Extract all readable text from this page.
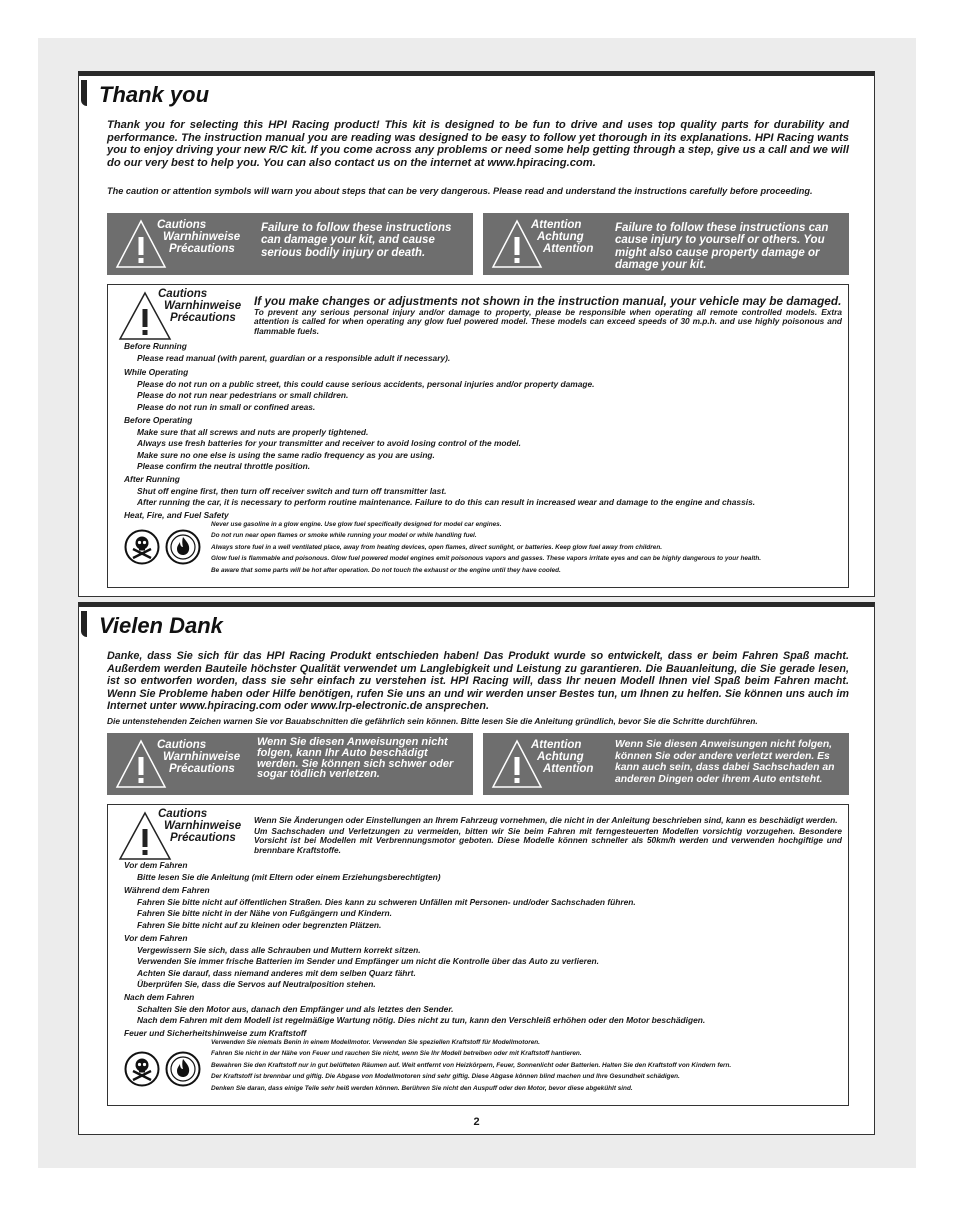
Thank you

Thank you for selecting this HPI Racing product! This kit is designed to be fun to drive and uses top quality parts for durability and performance. The instruction manual you are reading was designed to be easy to follow yet thorough in its explanations. HPI Racing wants you to enjoy driving your new R/C kit. If you come across any problems or need some help getting through a step, give us a call and we will do our very best to help you. You can also contact us on the internet at www.hpiracing.com.

The caution or attention symbols will warn you about steps that can be very dangerous. Please read and understand the instructions carefully before proceeding.

Cautions
Warnhinweise
Précautions
Failure to follow these instructions can damage your kit, and cause serious bodily injury or death.
Attention
Achtung
Attention
Failure to follow these instructions can cause injury to yourself or others. You might also cause property damage or damage your kit.
Cautions
Warnhinweise
Précautions

If you make changes or adjustments not shown in the instruction manual, your vehicle may be damaged.

To prevent any serious personal injury and/or damage to property, please be responsible when operating all remote controlled models. Extra attention is called for when operating any glow fuel powered model. These models can exceed speeds of 30 m.p.h. and use highly poisonous and flammable fuels.

Before Running
Please read manual (with parent, guardian or a responsible adult if necessary).
While Operating
Please do not run on a public street, this could cause serious accidents, personal injuries and/or property damage.
Please do not run near pedestrians or small children.
Please do not run in small or confined areas.
Before Operating
Make sure that all screws and nuts are properly tightened.
Always use fresh batteries for your transmitter and receiver to avoid losing control of the model.
Make sure no one else is using the same radio frequency as you are using.
Please confirm the neutral throttle position.
After Running
Shut off engine first, then turn off receiver switch and turn off transmitter last.
After running the car, it is necessary to perform routine maintenance. Failure to do this can result in increased wear and damage to the engine and chassis.
Heat, Fire, and Fuel Safety
Never use gasoline in a glow engine. Use glow fuel specifically designed for model car engines.
Do not run near open flames or smoke while running your model or while handling fuel.
Always store fuel in a well ventilated place, away from heating devices, open flames, direct sunlight, or batteries. Keep glow fuel away from children.
Glow fuel is flammable and poisonous. Glow fuel powered model engines emit poisonous vapors and gasses. These vapors irritate eyes and can be highly dangerous to your health.
Be aware that some parts will be hot after operation. Do not touch the exhaust or the engine until they have cooled.
Vielen Dank

Danke, dass Sie sich für das HPI Racing Produkt entschieden haben! Das Produkt wurde so entwickelt, dass er beim Fahren Spaß macht. Außerdem werden Bauteile höchster Qualität verwendet um Langlebigkeit und Leistung zu garantieren. Die Bauanleitung, die Sie gerade lesen, ist so entworfen worden, dass sie sehr einfach zu verstehen ist. HPI Racing will, dass Ihr neuen Modell Ihnen viel Spaß beim Fahren macht. Wenn Sie Probleme haben oder Hilfe benötigen, rufen Sie uns an und wir werden unser Bestes tun, um Ihnen zu helfen. Sie können uns auch im Internet unter www.hpiracing.com oder www.lrp-electronic.de ansprechen.

Die untenstehenden Zeichen warnen Sie vor Bauabschnitten die gefährlich sein können. Bitte lesen Sie die Anleitung gründlich, bevor Sie die Schritte durchführen.

Cautions
Warnhinweise
Précautions
Wenn Sie diesen Anweisungen nicht folgen, kann Ihr Auto beschädigt werden. Sie können sich schwer oder sogar tödlich verletzen.
Attention
Achtung
Attention
Wenn Sie diesen Anweisungen nicht folgen, können Sie oder andere verletzt werden. Es kann auch sein, dass dabei Sachschaden an anderen Dingen oder ihrem Auto entsteht.
Cautions
Warnhinweise
Précautions

Wenn Sie Änderungen oder Einstellungen an Ihrem Fahrzeug vornehmen, die nicht in der Anleitung beschrieben sind, kann es beschädigt werden.

Um Sachschaden und Verletzungen zu vermeiden, bitten wir Sie beim Fahren mit ferngesteuerten Modellen vorsichtig vorzugehen. Besondere Vorsicht ist bei Modellen mit Verbrennungsmotor geboten. Diese Modelle können schneller als 50km/h werden und verwenden hochgiftige und brennbare Kraftstoffe.

Vor dem Fahren
Bitte lesen Sie die Anleitung (mit Eltern oder einem Erziehungsberechtigten)
Während dem Fahren
Fahren Sie bitte nicht auf öffentlichen Straßen. Dies kann zu schweren Unfällen mit Personen- und/oder Sachschaden führen.
Fahren Sie bitte nicht in der Nähe von Fußgängern und Kindern.
Fahren Sie bitte nicht auf zu kleinen oder begrenzten Plätzen.
Vor dem Fahren
Vergewissern Sie sich, dass alle Schrauben und Muttern korrekt sitzen.
Verwenden Sie immer frische Batterien im Sender und Empfänger um nicht die Kontrolle über das Auto zu verlieren.
Achten Sie darauf, dass niemand anderes mit dem selben Quarz fährt.
Überprüfen Sie, dass die Servos auf Neutralposition stehen.
Nach dem Fahren
Schalten Sie den Motor aus, danach den Empfänger und als letztes den Sender.
Nach dem Fahren mit dem Modell ist regelmäßige Wartung nötig. Dies nicht zu tun, kann den Verschleiß erhöhen oder den Motor beschädigen.
Feuer und Sicherheitshinweise zum Kraftstoff
Verwenden Sie niemals Benin in einem Modellmotor. Verwenden Sie speziellen Kraftstoff für Modellmotoren.
Fahren Sie nicht in der Nähe von Feuer und rauchen Sie nicht, wenn Sie Ihr Modell betreiben oder mit Kraftstoff hantieren.
Bewahren Sie den Kraftstoff nur in gut belüfteten Räumen auf. Weit entfernt von Heizkörpern, Feuer, Sonnenlicht oder Batterien. Halten Sie den Kraftstoff von Kindern fern.
Der Kraftstoff ist brennbar und giftig. Die Abgase von Modellmotoren sind sehr giftig. Diese Abgase können blind machen und Ihre Gesundheit schädigen.
Denken Sie daran, dass einige Teile sehr heiß werden können. Berühren Sie nicht den Auspuff oder den Motor, bevor diese abgekühlt sind.
2
